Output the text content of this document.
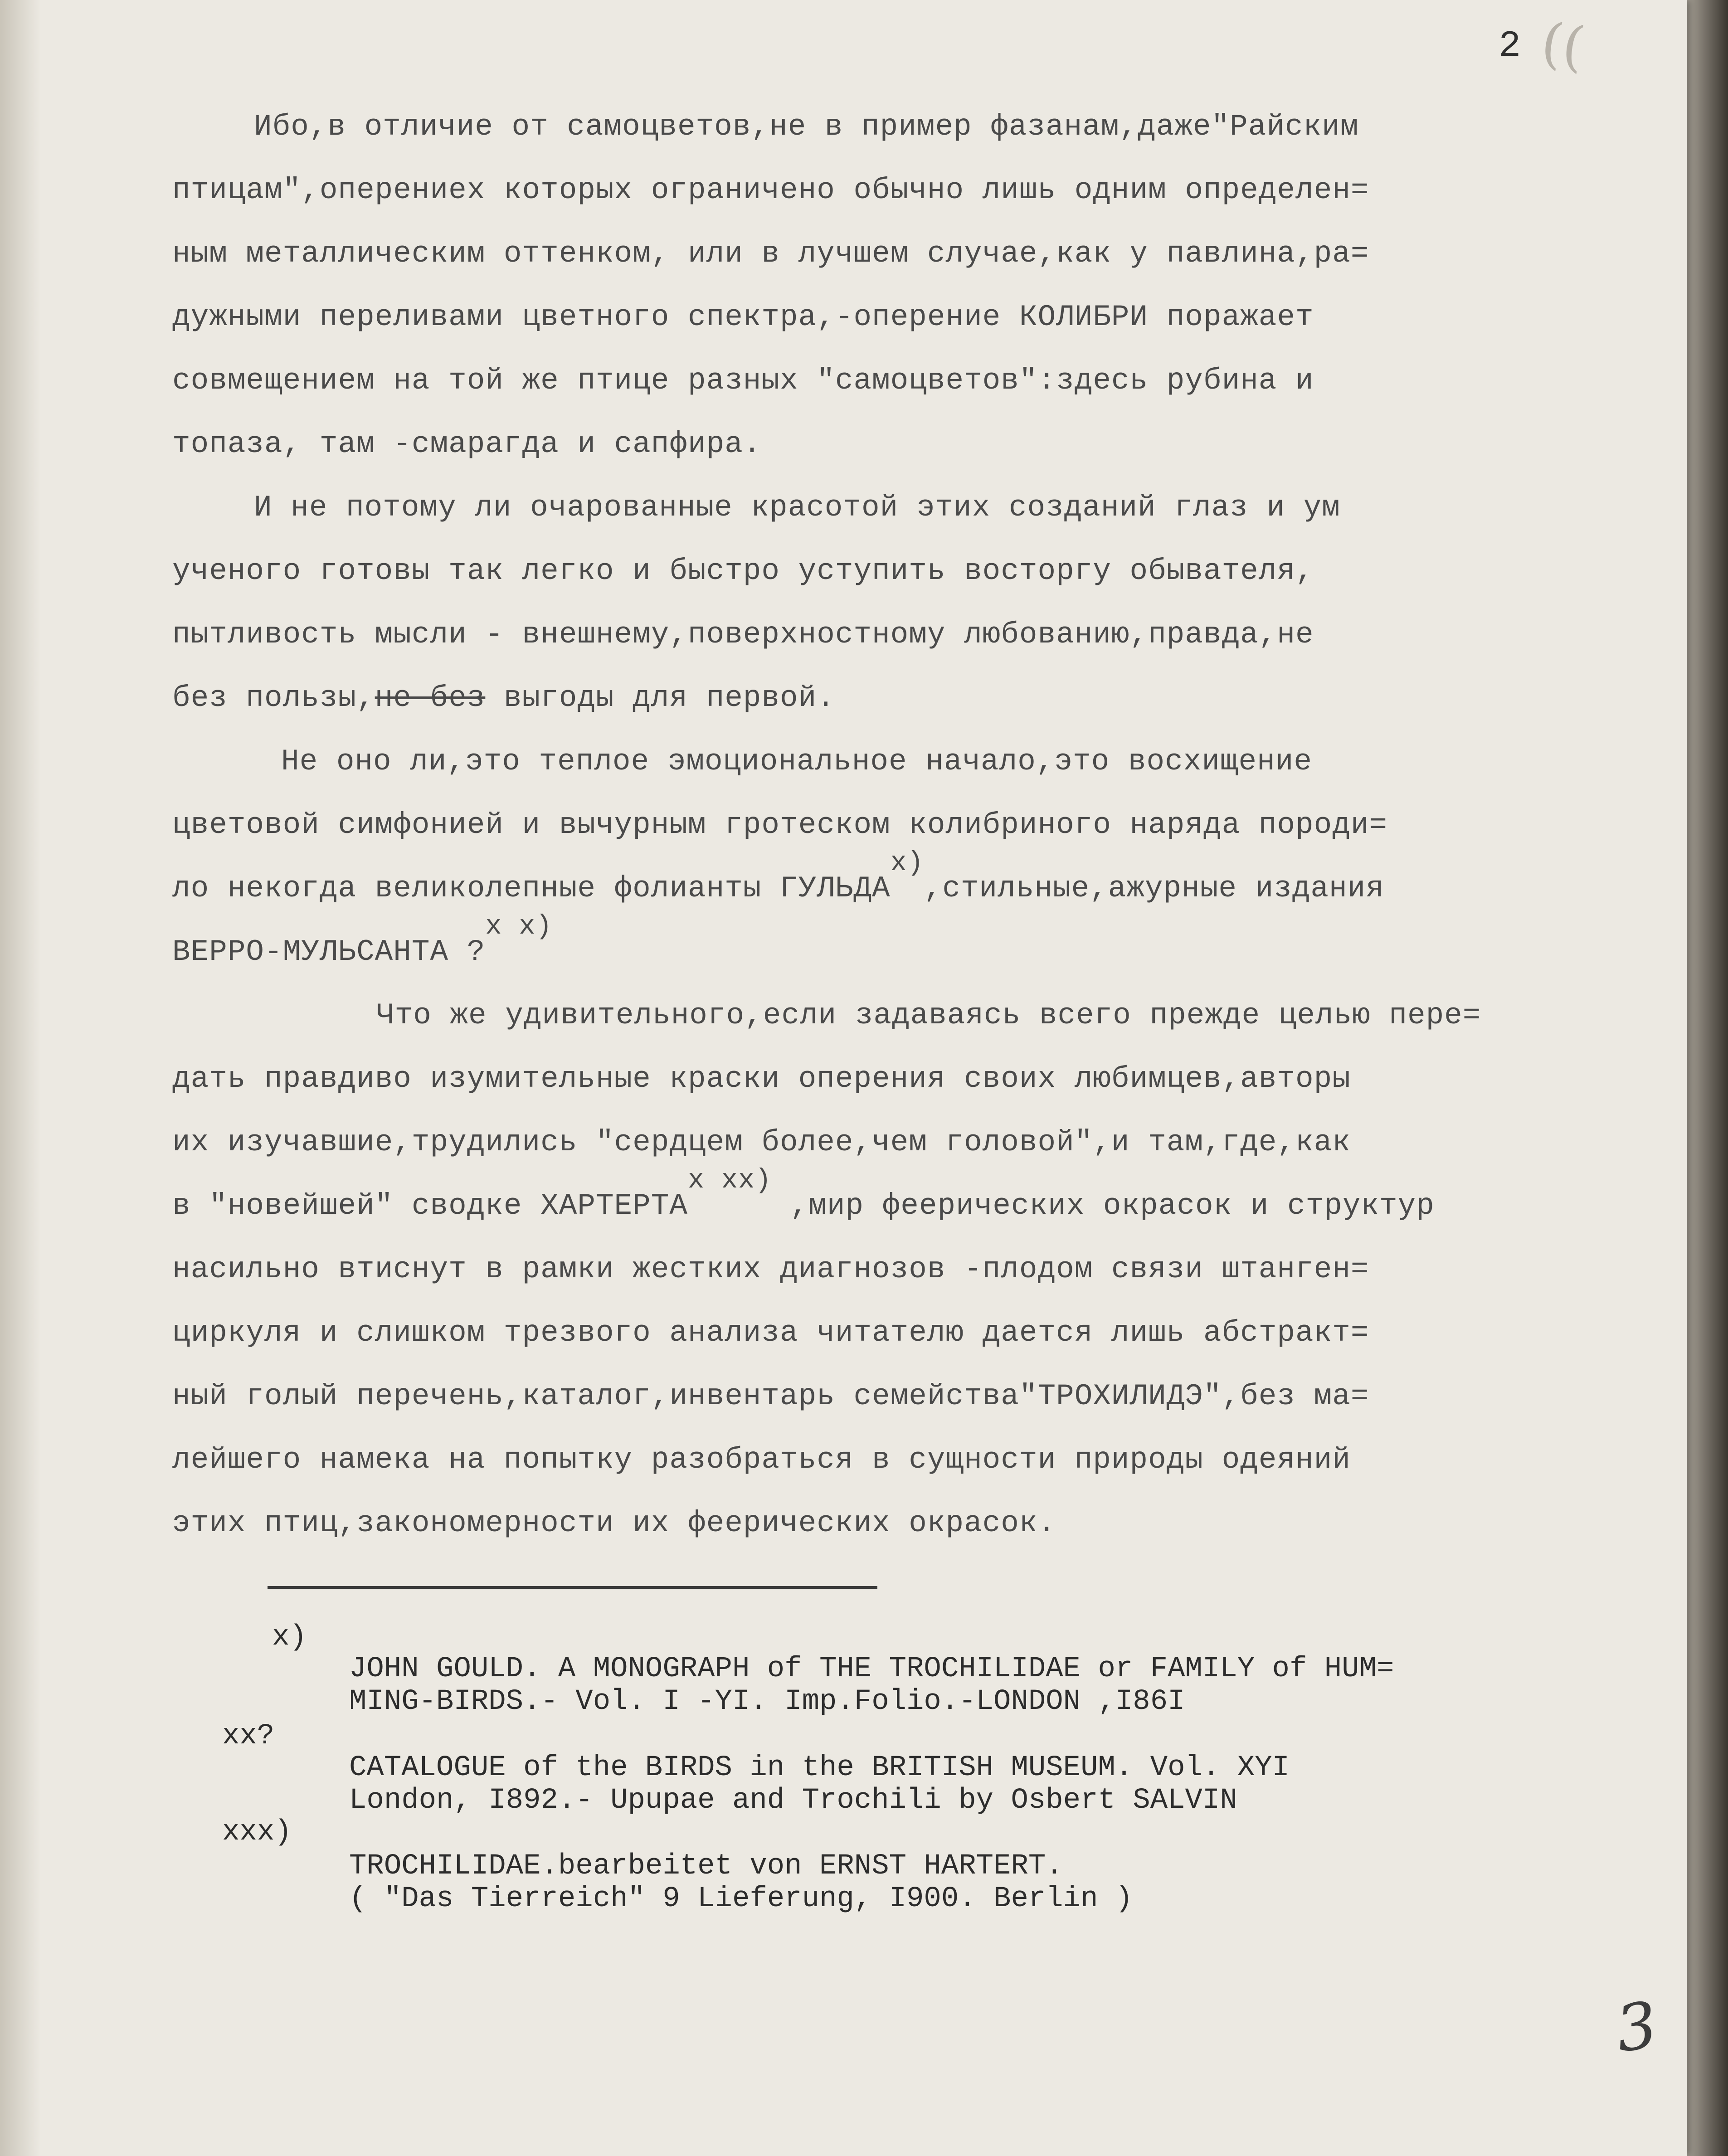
2 ((
Ибо,в отличие от самоцветов,не в пример фазанам,даже"Райским
птицам",оперениех которых ограничено обычно лишь одним определен=
ным металлическим оттенком, или в лучшем случае,как у павлина,ра=
дужными переливами цветного спектра,-оперение КОЛИБРИ поражает
совмещением на той же птице разных "самоцветов":здесь рубина и
топаза, там -смарагда и сапфира.
И не потому ли очарованные красотой этих созданий глаз и ум
ученого готовы так легко и быстро уступить восторгу обывателя,
пытливость мысли - внешнему,поверхностному любованию,правда,не
без пользы,не без выгоды для первой.
Не оно ли,это теплое эмоциональное начало,это восхищение
цветовой симфонией и вычурным гротеском колибриного наряда породи=
ло некогда великолепные фолианты ГУЛЬДАx),стильные,ажурные издания
ВЕРРО-МУЛЬСАНТА ?x x)
Что же удивительного,если задаваясь всего прежде целью пере=
дать правдиво изумительные краски оперения своих любимцев,авторы
их изучавшие,трудились "сердцем более,чем головой",и там,где,как
в "новейшей" сводке ХАРТЕРТАx xx) ,мир феерических окрасок и структур
насильно втиснут в рамки жестких диагнозов -плодом связи штанген=
циркуля и слишком трезвого анализа читателю дается лишь абстракт=
ный голый перечень,каталог,инвентарь семейства"ТРОХИЛИДЭ",без ма=
лейшего намека на попытку разобраться в сущности природы одеяний
этих птиц,закономерности их феерических окрасок.
x)
JOHN GOULD. A MONOGRAPH of THE TROCHILIDAE or FAMILY of HUM=
MING-BIRDS.- Vol. I -YI. Imp.Folio.-LONDON ,I86I
xx?
CATALOGUE of the BIRDS in the BRITISH MUSEUM. Vol. XYI
London, I892.- Upupae and Trochili by Osbert SALVIN
xxx)
TROCHILIDAE.bearbeitet von ERNST HARTERT.
( "Das Tierreich" 9 Lieferung, I900. Berlin )
3
